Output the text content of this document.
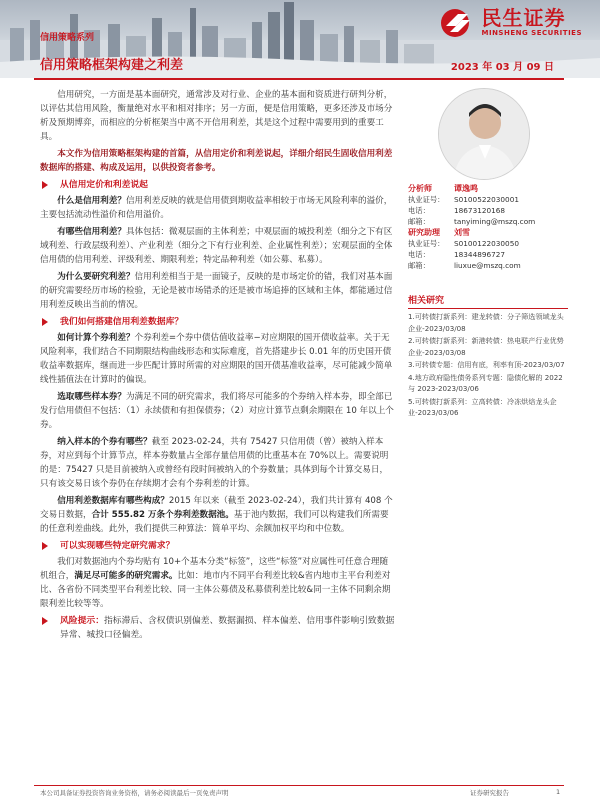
民生证券
MINSHENG SECURITIES
信用策略系列
信用策略框架构建之利差	2023 年 03 月 09 日

信用研究，一方面是基本面研究，通常涉及对行业、企业的基本面和资质进行研判分析，以评估其信用风险，衡量绝对水平和相对排序；另一方面，便是信用策略，更多还涉及市场分析及预期博弈，而相应的分析框架当中离不开信用利差，其是这个过程中需要用到的重要工具。

本文作为信用策略框架构建的首篇，从信用定价和利差说起，详细介绍民生固收信用利差数据库的搭建、构成及运用，以供投资者参考。

从信用定价和利差说起

什么是信用利差？信用利差反映的就是信用债到期收益率相较于市场无风险利率的溢价，主要包括流动性溢价和信用溢价。

有哪些信用利差？具体包括：微观层面的主体利差；中观层面的城投利差（细分之下有区域利差、行政层级利差）、产业利差（细分之下有行业利差、企业属性利差）；宏观层面的全体信用债的信用利差、评级利差、期限利差；特定品种利差（如公募、私募）。

为什么要研究利差？信用利差相当于是一面镜子，反映的是市场定价的错，我们对基本面的研究需要经历市场的检验，无论是被市场错杀的还是被市场追捧的区域和主体，都能通过信用利差反映出当前的情况。

我们如何搭建信用利差数据库？

如何计算个券利差？个券利差=个券中债估值收益率−对应期限的国开债收益率。关于无风险利率，我们结合不同期限结构曲线形态和实际难度，首先搭建步长 0.01 年的历史国开债收益率数据库，继而进一步匹配计算时所需的对应期限的国开债基准收益率，尽可能减少简单线性插值法在计算时的偏误。

选取哪些样本券？为满足不同的研究需求，我们将尽可能多的个券纳入样本券，即全部已发行信用债但不包括：（1）永续债和有担保债券；（2）对应计算节点剩余期限在 10 年以上个券。

纳入样本的个券有哪些？截至 2023-02-24，共有 75427 只信用债（曾）被纳入样本券，对应到每个计算节点，样本券数量占全部存量信用债的比重基本在 70%以上。需要说明的是：75427 只是目前被纳入或曾经有段时间被纳入的个券数量；具体到每个计算交易日，只有该交易日该个券仍在存续期才会有个券利差的计算。

信用利差数据库有哪些构成？2015 年以来（截至 2023-02-24），我们共计算有 408 个交易日数据，合计 555.82 万条个券利差数据池。基于池内数据，我们可以构建我们所需要的任意利差曲线。此外，我们提供三种算法：简单平均、余额加权平均和中位数。

可以实现哪些特定研究需求？

我们对数据池内个券均贴有 10+个基本分类“标签”，这些“标签”对应属性可任意合理随机组合，满足尽可能多的研究需求。比如：地市内不同平台利差比较&省内地市主平台利差对比、各省份不同类型平台利差比较、同一主体公募债及私募债利差比较&同一主体不同剩余期限利差比较等等。

风险提示：指标滞后、含权债识别偏差、数据漏损、样本偏差、信用事件影响引致数据异常、城投口径偏差。
分析师	谭逸鸣
执业证号：	S0100522030001
电话：	18673120168
邮箱：	tanyiming@mszq.com
研究助理	刘雪
执业证号：	S0100122030050
电话：	18344896727
邮箱：	liuxue@mszq.com
相关研究
1.可转债打新系列：建龙转债：分子筛选领域龙头企业-2023/03/08
2.可转债打新系列：新港转债：热电联产行业优势企业-2023/03/08
3.可转债专题：信用有底，利率有顶-2023/03/07
4.地方政府隐性债务系列专题：隐债化解的 2022 与 2023-2023/03/06
5.可转债打新系列：立高转债：冷冻烘焙龙头企业-2023/03/06
本公司具备证券投资咨询业务资格，请务必阅读最后一页免责声明	证券研究报告	1
